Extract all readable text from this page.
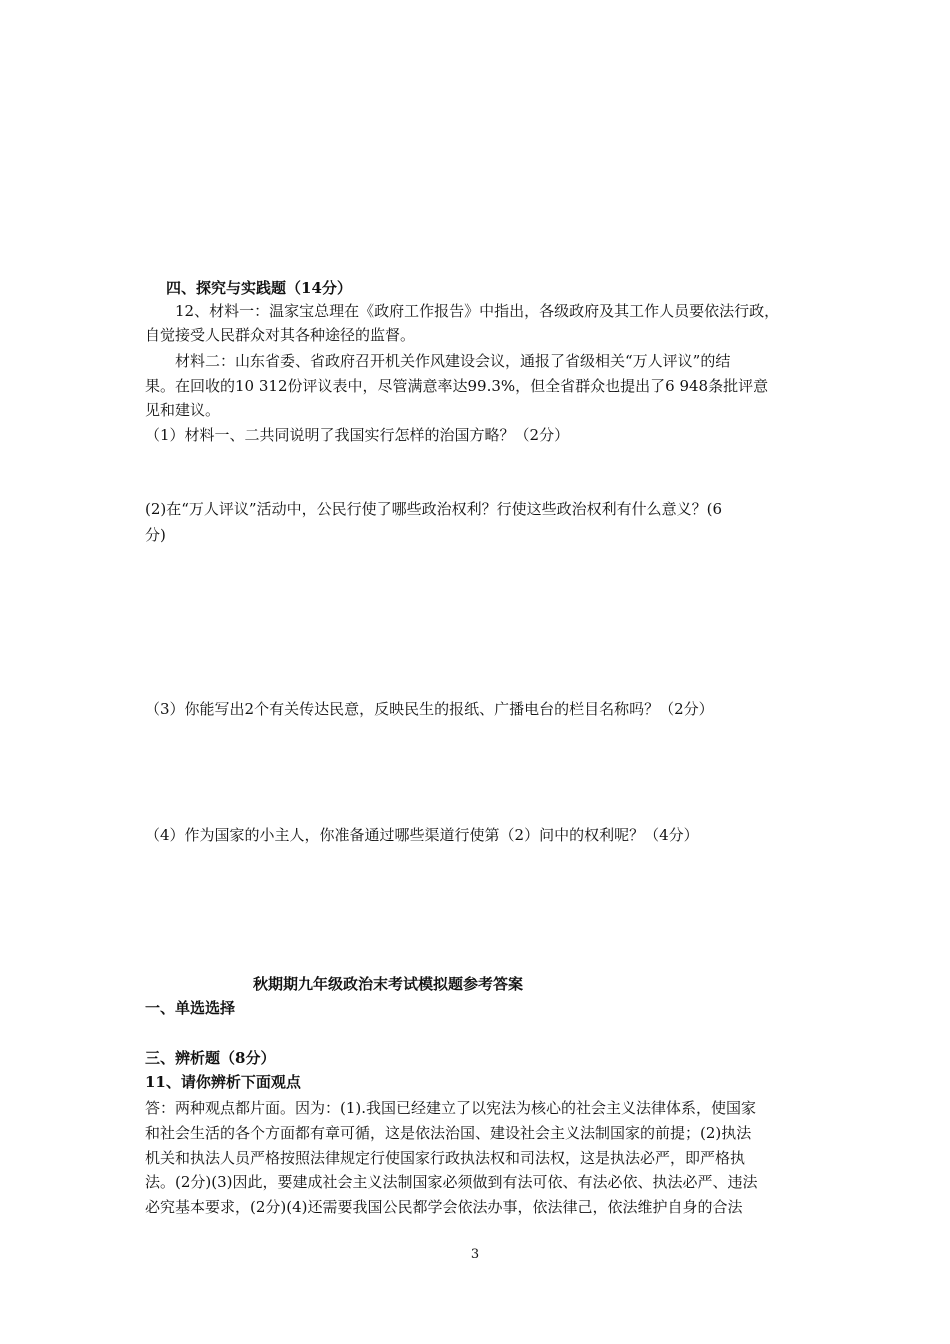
四、探究与实践题（14分）
12、材料一：温家宝总理在《政府工作报告》中指出，各级政府及其工作人员要依法行政，
自觉接受人民群众对其各种途径的监督。
材料二：山东省委、省政府召开机关作风建设会议，通报了省级相关“万人评议”的结
果。在回收的10 312份评议表中，尽管满意率达99.3%，但全省群众也提出了6 948条批评意
见和建议。
（1）材料一、二共同说明了我国实行怎样的治国方略？（2分）
(2)在“万人评议”活动中，公民行使了哪些政治权利？行使这些政治权利有什么意义？(6
分)
（3）你能写出2个有关传达民意，反映民生的报纸、广播电台的栏目名称吗？（2分）
（4）作为国家的小主人，你准备通过哪些渠道行使第（2）问中的权利呢？（4分）
秋期期九年级政治末考试模拟题参考答案
一、单选选择
三、辨析题（8分）
11、请你辨析下面观点
答：两种观点都片面。因为：(1).我国已经建立了以宪法为核心的社会主义法律体系，使国家
和社会生活的各个方面都有章可循，这是依法治国、建设社会主义法制国家的前提；(2)执法
机关和执法人员严格按照法律规定行使国家行政执法权和司法权，这是执法必严，即严格执
法。(2分)(3)因此，要建成社会主义法制国家必须做到有法可依、有法必依、执法必严、违法
必究基本要求，(2分)(4)还需要我国公民都学会依法办事，依法律己，依法维护自身的合法
3
